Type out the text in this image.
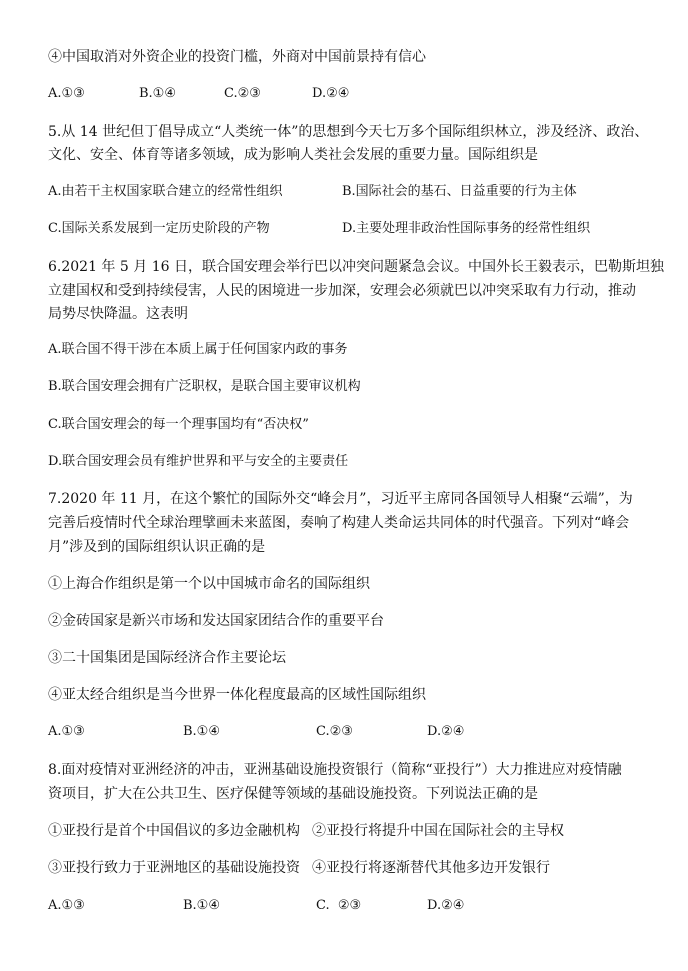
④中国取消对外资企业的投资门槛，外商对中国前景持有信心
A.①③	B.①④	C.②③	D.②④
5.从 14 世纪但丁倡导成立“人类统一体”的思想到今天七万多个国际组织林立，涉及经济、政治、
文化、安全、体育等诸多领域，成为影响人类社会发展的重要力量。国际组织是
A.由若干主权国家联合建立的经常性组织	B.国际社会的基石、日益重要的行为主体
C.国际关系发展到一定历史阶段的产物	D.主要处理非政治性国际事务的经常性组织
6.2021 年 5 月 16 日，联合国安理会举行巴以冲突问题紧急会议。中国外长王毅表示，巴勒斯坦独
立建国权和受到持续侵害，人民的困境进一步加深，安理会必须就巴以冲突采取有力行动，推动
局势尽快降温。这表明
A.联合国不得干涉在本质上属于任何国家内政的事务
B.联合国安理会拥有广泛职权，是联合国主要审议机构
C.联合国安理会的每一个理事国均有“否决权”
D.联合国安理会员有维护世界和平与安全的主要责任
7.2020 年 11 月，在这个繁忙的国际外交“峰会月”，习近平主席同各国领导人相聚“云端”，为
完善后疫情时代全球治理擘画未来蓝图，奏响了构建人类命运共同体的时代强音。下列对“峰会
月”涉及到的国际组织认识正确的是
①上海合作组织是第一个以中国城市命名的国际组织
②金砖国家是新兴市场和发达国家团结合作的重要平台
③二十国集团是国际经济合作主要论坛
④亚太经合组织是当今世界一体化程度最高的区域性国际组织
A.①③	B.①④	C.②③	D.②④
8.面对疫情对亚洲经济的冲击，亚洲基础设施投资银行（简称“亚投行”）大力推进应对疫情融
资项目，扩大在公共卫生、医疗保健等领域的基础设施投资。下列说法正确的是
①亚投行是首个中国倡议的多边金融机构 ②亚投行将提升中国在国际社会的主导权
③亚投行致力于亚洲地区的基础设施投资 ④亚投行将逐渐替代其他多边开发银行
A.①③	B.①④	C.  ②③	D.②④
